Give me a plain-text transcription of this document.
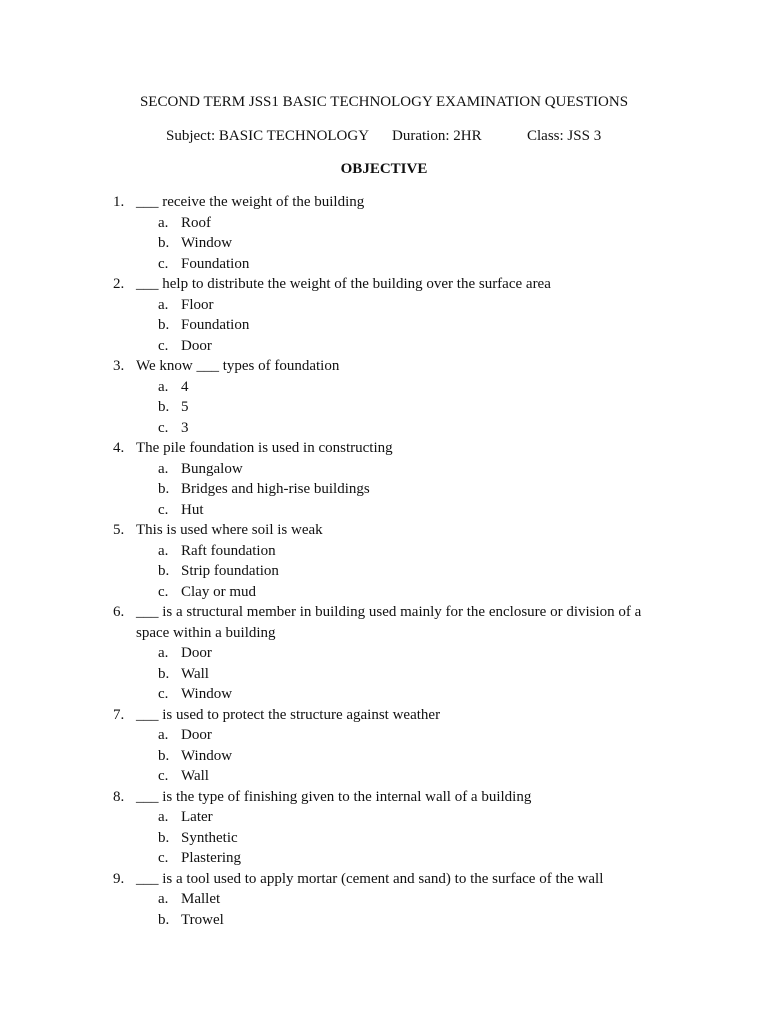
SECOND TERM JSS1 BASIC TECHNOLOGY EXAMINATION QUESTIONS
Subject: BASIC TECHNOLOGY Duration: 2HR	Class: JSS 3
OBJECTIVE
1. ___ receive the weight of the building
a. Roof
b. Window
c. Foundation
2. ___ help to distribute the weight of the building over the surface area
a. Floor
b. Foundation
c. Door
3. We know ___ types of foundation
a. 4
b. 5
c. 3
4. The pile foundation is used in constructing
a. Bungalow
b. Bridges and high-rise buildings
c. Hut
5. This is used where soil is weak
a. Raft foundation
b. Strip foundation
c. Clay or mud
6. ___ is a structural member in building used mainly for the enclosure or division of a
space within a building
a. Door
b. Wall
c. Window
7. ___ is used to protect the structure against weather
a. Door
b. Window
c. Wall
8. ___ is the type of finishing given to the internal wall of a building
a. Later
b. Synthetic
c. Plastering
9. ___ is a tool used to apply mortar (cement and sand) to the surface of the wall
a. Mallet
b. Trowel
